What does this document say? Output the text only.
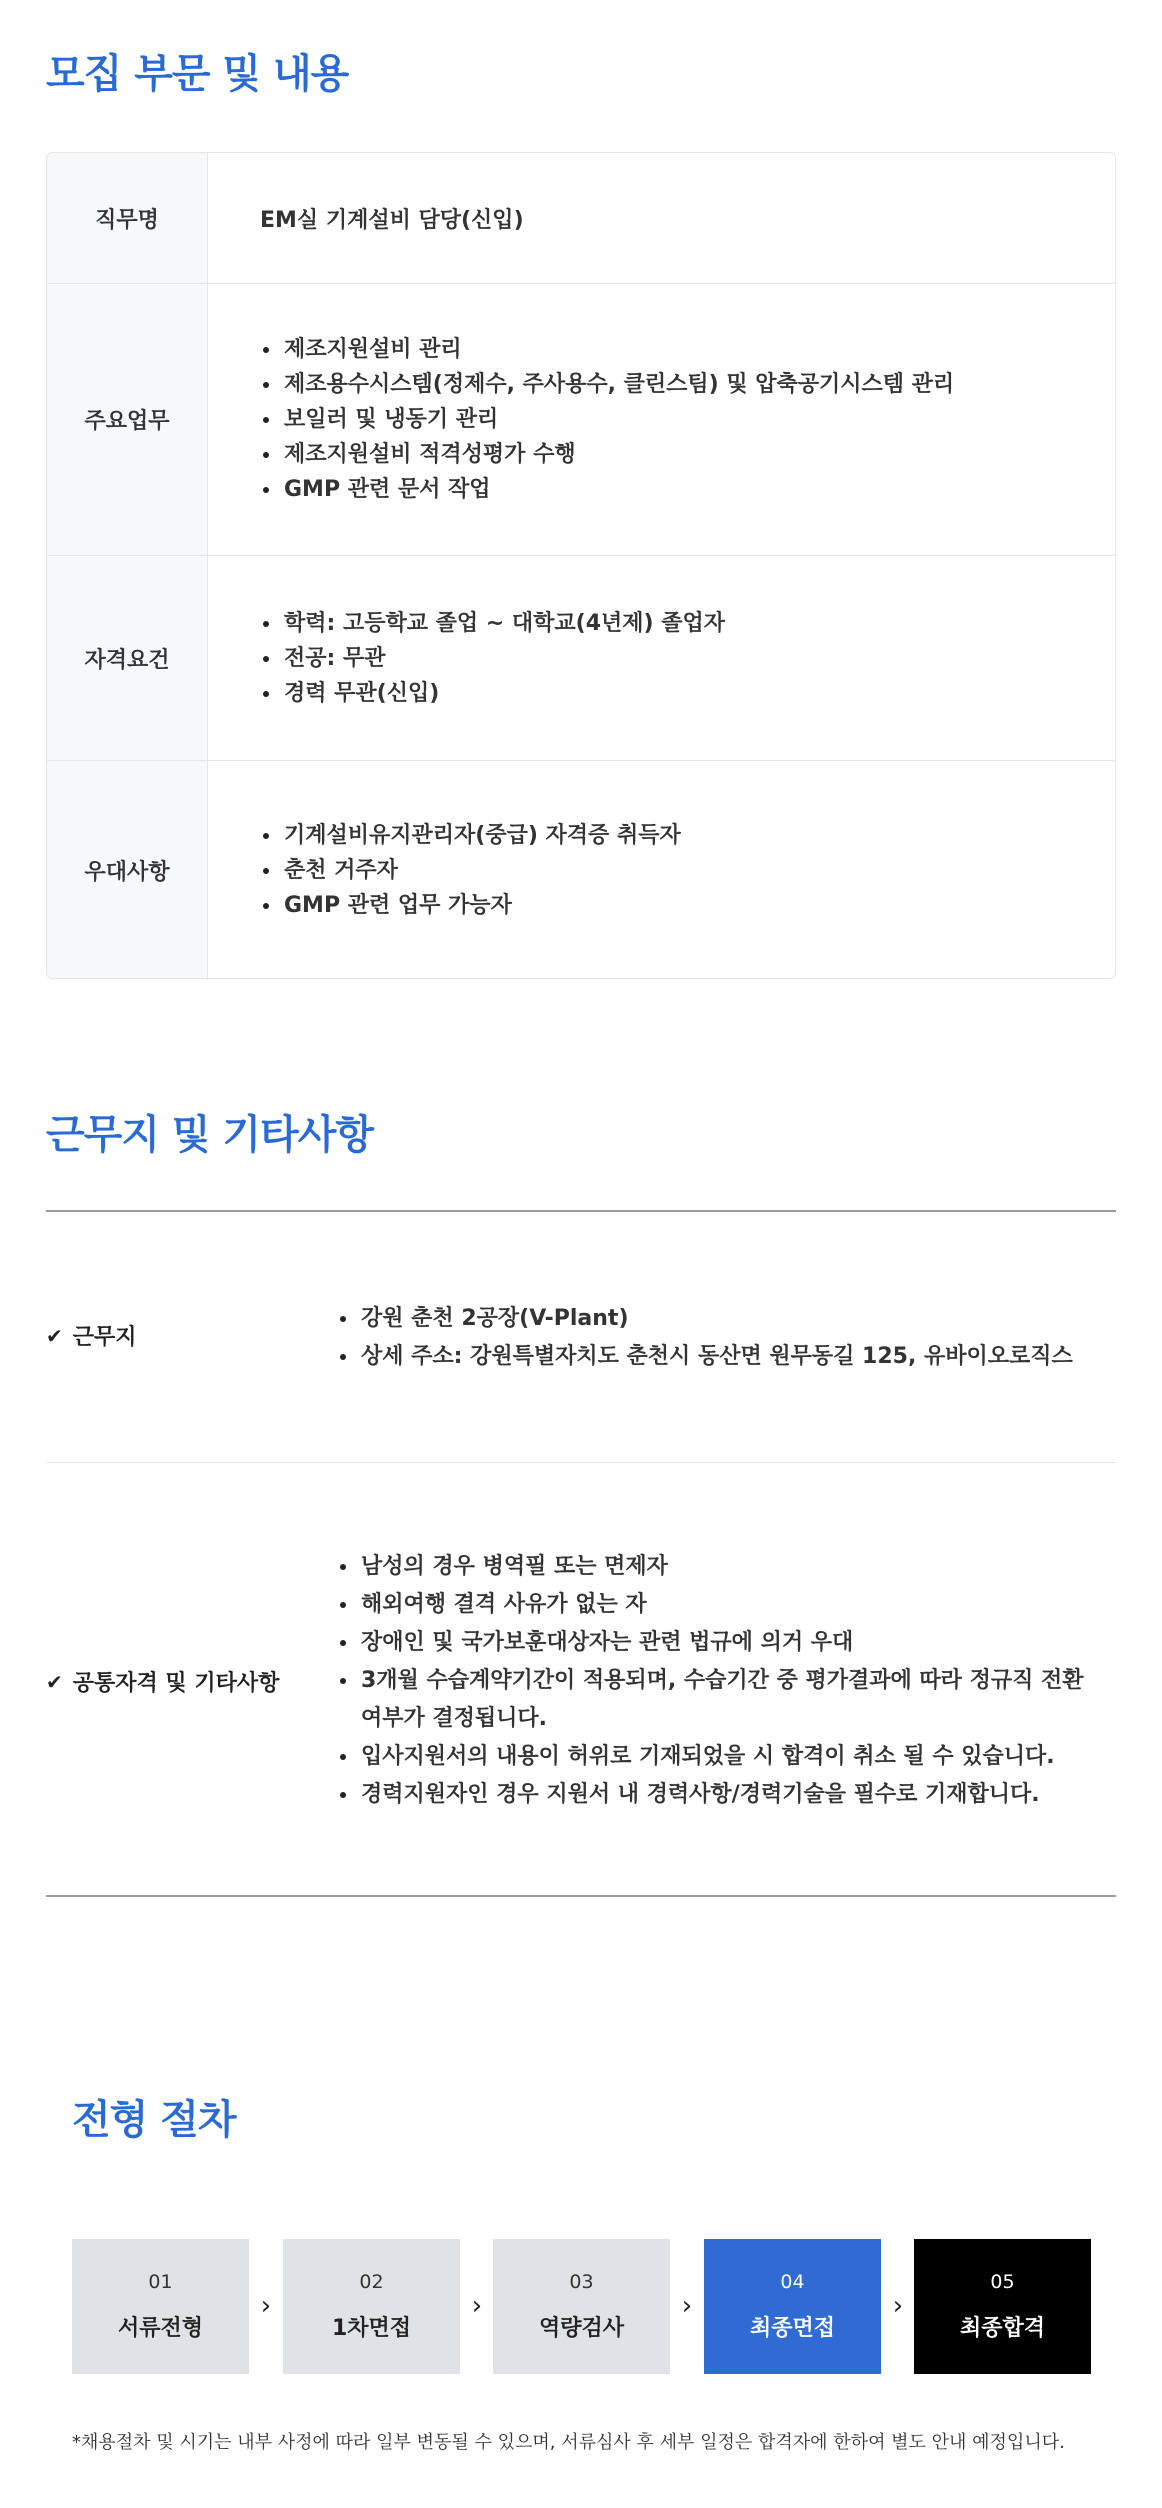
모집 부문 및 내용
직무명	EM실 기계설비 담당(신입)
주요업무
제조지원설비 관리
제조용수시스템(정제수, 주사용수, 클린스팀) 및 압축공기시스템 관리
보일러 및 냉동기 관리
제조지원설비 적격성평가 수행
GMP 관련 문서 작업
자격요건
학력: 고등학교 졸업 ~ 대학교(4년제) 졸업자
전공: 무관
경력 무관(신입)
우대사항
기계설비유지관리자(중급) 자격증 취득자
춘천 거주자
GMP 관련 업무 가능자
근무지 및 기타사항
✔ 근무지
강원 춘천 2공장(V-Plant)
상세 주소: 강원특별자치도 춘천시 동산면 원무동길 125, 유바이오로직스
✔ 공통자격 및 기타사항
남성의 경우 병역필 또는 면제자
해외여행 결격 사유가 없는 자
장애인 및 국가보훈대상자는 관련 법규에 의거 우대
3개월 수습계약기간이 적용되며, 수습기간 중 평가결과에 따라 정규직 전환 여부가 결정됩니다.
입사지원서의 내용이 허위로 기재되었을 시 합격이 취소 될 수 있습니다.
경력지원자인 경우 지원서 내 경력사항/경력기술을 필수로 기재합니다.
전형 절차
01
서류전형
›
02
1차면접
›
03
역량검사
›
04
최종면접
›
05
최종합격

*채용절차 및 시기는 내부 사정에 따라 일부 변동될 수 있으며, 서류심사 후 세부 일정은 합격자에 한하여 별도 안내 예정입니다.
